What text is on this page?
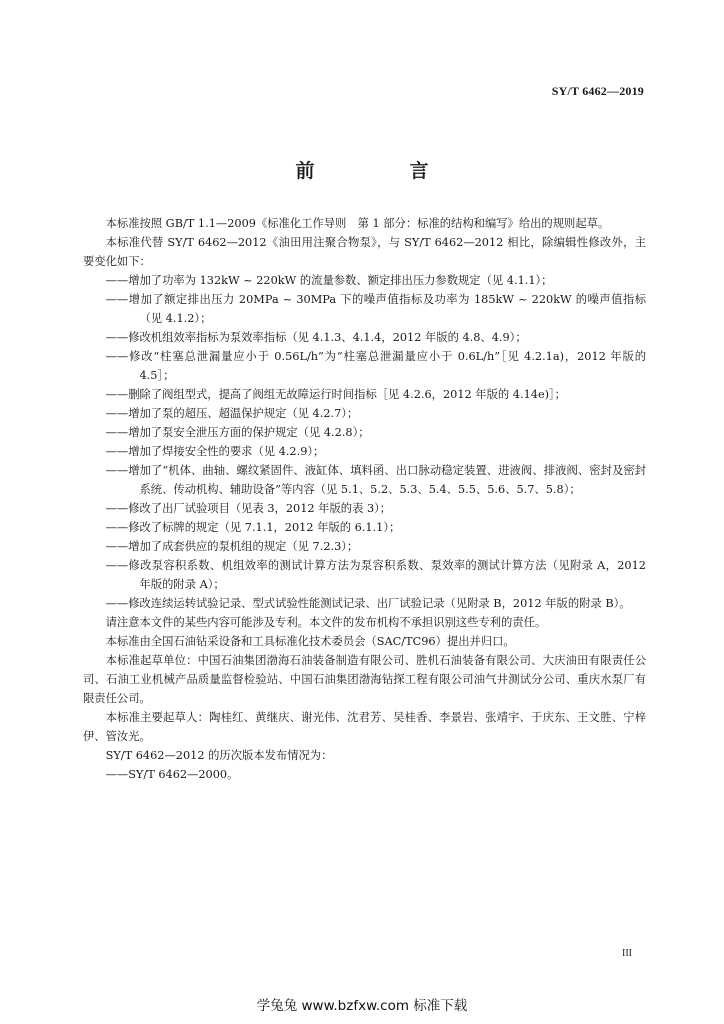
SY/T 6462—2019
前　言

本标准按照 GB/T 1.1—2009《标准化工作导则　第 1 部分：标准的结构和编写》给出的规则起草。

本标准代替 SY/T 6462—2012《油田用注聚合物泵》，与 SY/T 6462—2012 相比，除编辑性修改外，主要变化如下：

——增加了功率为 132kW ~ 220kW 的流量参数、额定排出压力参数规定（见 4.1.1）；

——增加了额定排出压力 20MPa ~ 30MPa 下的噪声值指标及功率为 185kW ~ 220kW 的噪声值指标（见 4.1.2）；

——修改机组效率指标为泵效率指标（见 4.1.3、4.1.4，2012 年版的 4.8、4.9）；

——修改“柱塞总泄漏量应小于 0.56L/h”为“柱塞总泄漏量应小于 0.6L/h”［见 4.2.1a)，2012 年版的 4.5］；

——删除了阀组型式，提高了阀组无故障运行时间指标［见 4.2.6，2012 年版的 4.14e)］；

——增加了泵的超压、超温保护规定（见 4.2.7）；

——增加了泵安全泄压方面的保护规定（见 4.2.8）；

——增加了焊接安全性的要求（见 4.2.9）；

——增加了“机体、曲轴、螺纹紧固件、液缸体、填料函、出口脉动稳定装置、进液阀、排液阀、密封及密封系统、传动机构、辅助设备”等内容（见 5.1、5.2、5.3、5.4、5.5、5.6、5.7、5.8）；

——修改了出厂试验项目（见表 3，2012 年版的表 3）；

——修改了标牌的规定（见 7.1.1，2012 年版的 6.1.1）；

——增加了成套供应的泵机组的规定（见 7.2.3）；

——修改泵容积系数、机组效率的测试计算方法为泵容积系数、泵效率的测试计算方法（见附录 A，2012 年版的附录 A）；

——修改连续运转试验记录、型式试验性能测试记录、出厂试验记录（见附录 B，2012 年版的附录 B）。

请注意本文件的某些内容可能涉及专利。本文件的发布机构不承担识别这些专利的责任。

本标准由全国石油钻采设备和工具标准化技术委员会（SAC/TC96）提出并归口。

本标准起草单位：中国石油集团渤海石油装备制造有限公司、胜机石油装备有限公司、大庆油田有限责任公司、石油工业机械产品质量监督检验站、中国石油集团渤海钻探工程有限公司油气井测试分公司、重庆水泵厂有限责任公司。

本标准主要起草人：陶桂红、黄继庆、谢光伟、沈君芳、吴桂香、李景岩、张靖宇、于庆东、王文胜、宁梓伊、管汝光。

SY/T 6462—2012 的历次版本发布情况为：

——SY/T 6462—2000。

III
学兔兔 www.bzfxw.com 标准下载
